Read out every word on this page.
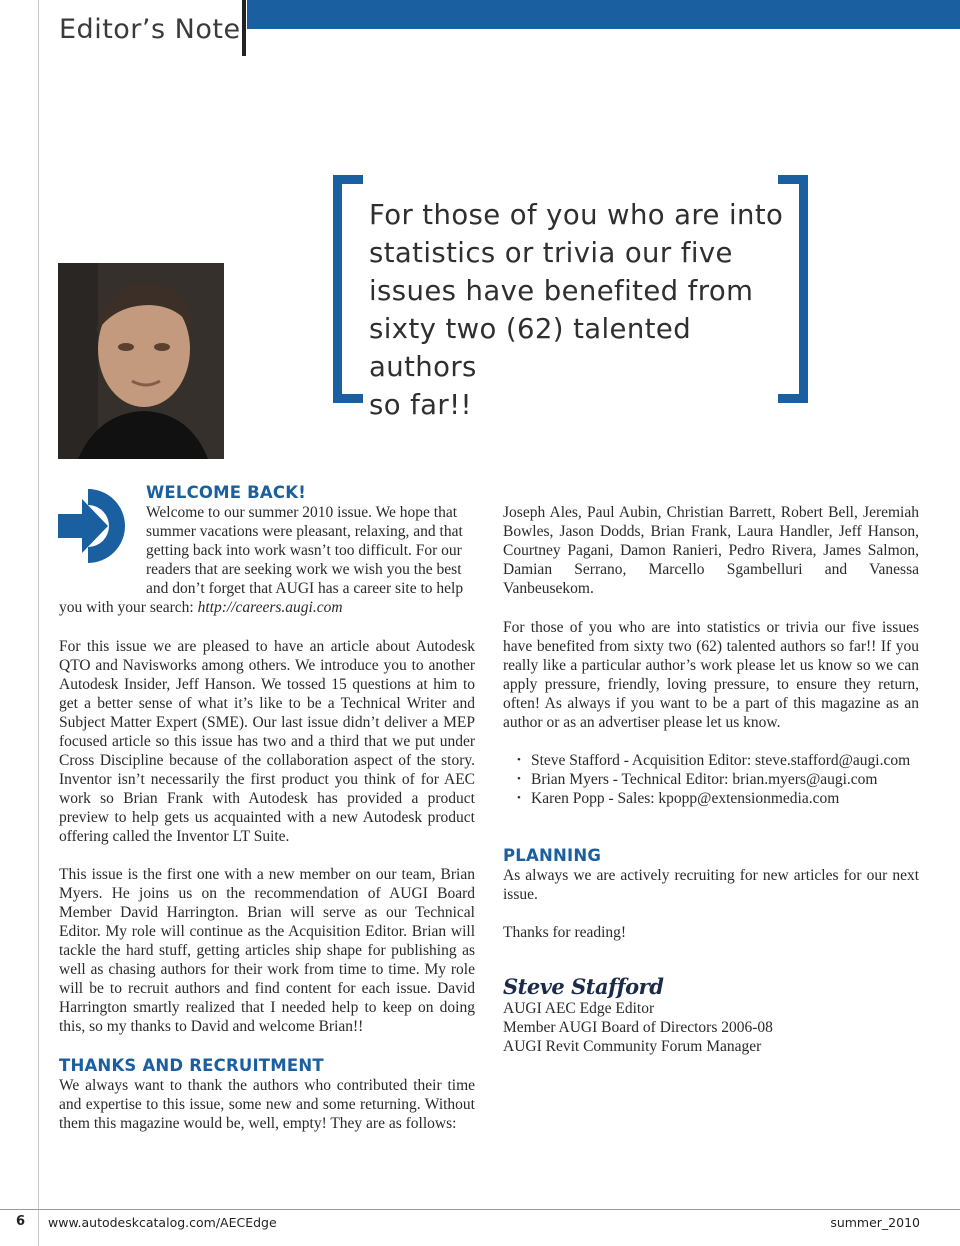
Editor’s Note
For those of you who are into
statistics or trivia our five
issues have benefited from
sixty two (62) talented authors
so far!!
WELCOME BACK!

Welcome to our summer 2010 issue. We hope that

summer vacations were pleasant, relaxing, and that

getting back into work wasn’t too difficult. For our

readers that are seeking work we wish you the best

and don’t forget that AUGI has a career site to help

you with your search: http://careers.augi.com

For this issue we are pleased to have an article about Autodesk QTO and Navisworks among others. We introduce you to another Autodesk Insider, Jeff Hanson. We tossed 15 questions at him to get a better sense of what it’s like to be a Technical Writer and Subject Matter Expert (SME). Our last issue didn’t deliver a MEP focused article so this issue has two and a third that we put under Cross Discipline because of the collaboration aspect of the story. Inventor isn’t necessarily the first product you think of for AEC work so Brian Frank with Autodesk has provided a product preview to help gets us acquainted with a new Autodesk product offering called the Inventor LT Suite.
This issue is the first one with a new member on our team, Brian Myers. He joins us on the recommendation of AUGI Board Member David Harrington. Brian will serve as our Technical Editor. My role will continue as the Acquisition Editor. Brian will tackle the hard stuff, getting articles ship shape for publishing as well as chasing authors for their work from time to time. My role will be to recruit authors and find content for each issue. David Harrington smartly realized that I needed help to keep on doing this, so my thanks to David and welcome Brian!!
THANKS AND RECRUITMENT
We always want to thank the authors who contributed their time and expertise to this issue, some new and some returning. Without them this magazine would be, well, empty! They are as follows:
Joseph Ales, Paul Aubin, Christian Barrett, Robert Bell, Jeremiah Bowles, Jason Dodds, Brian Frank, Laura Handler, Jeff Hanson, Courtney Pagani, Damon Ranieri, Pedro Rivera, James Salmon, Damian Serrano, Marcello Sgambelluri and Vanessa Vanbeusekom.
For those of you who are into statistics or trivia our five issues have benefited from sixty two (62) talented authors so far!! If you really like a particular author’s work please let us know so we can apply pressure, friendly, loving pressure, to ensure they return, often! As always if you want to be a part of this magazine as an author or as an advertiser please let us know.
• Steve Stafford - Acquisition Editor: steve.stafford@augi.com
• Brian Myers - Technical Editor: brian.myers@augi.com
• Karen Popp - Sales: kpopp@extensionmedia.com
PLANNING
As always we are actively recruiting for new articles for our next issue.
Thanks for reading!
Steve Stafford

AUGI AEC Edge Editor

Member AUGI Board of Directors 2006-08

AUGI Revit Community Forum Manager

6 www.autodeskcatalog.com/AECEdge	summer_2010
